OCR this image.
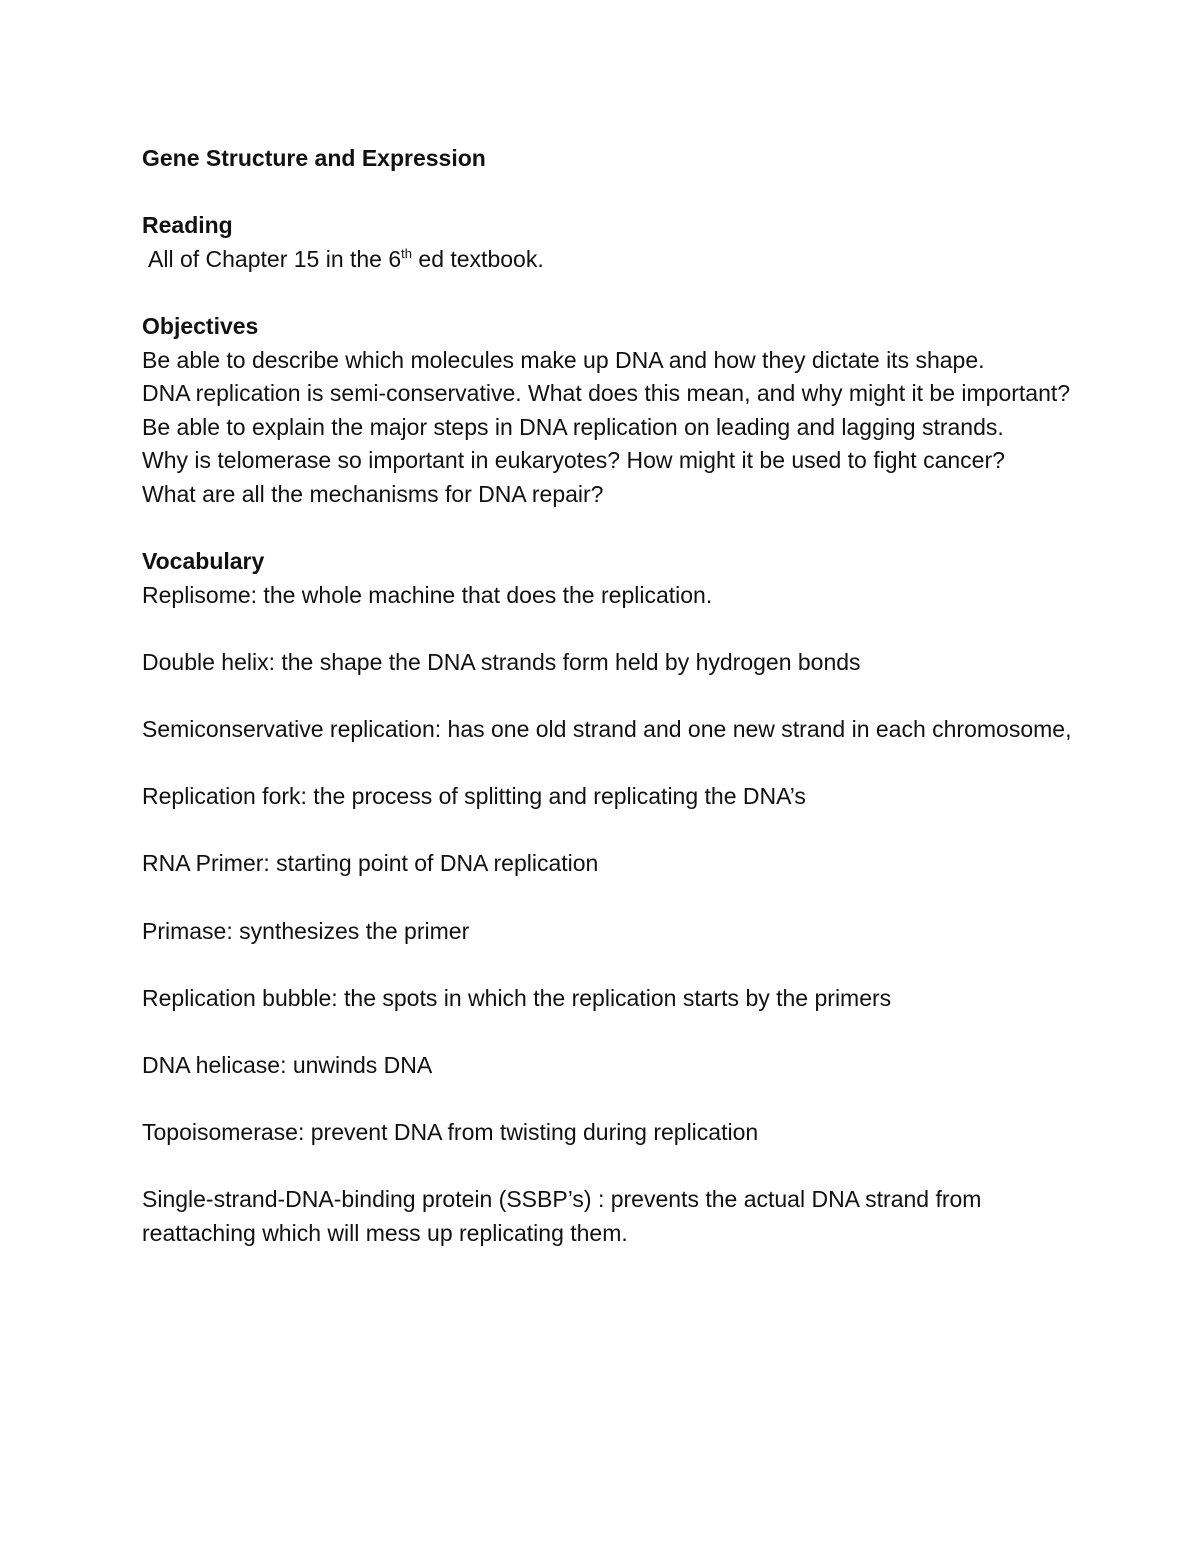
Gene Structure and Expression

Reading

All of Chapter 15 in the 6th ed textbook.

Objectives

Be able to describe which molecules make up DNA and how they dictate its shape.

DNA replication is semi-conservative. What does this mean, and why might it be important?

Be able to explain the major steps in DNA replication on leading and lagging strands.

Why is telomerase so important in eukaryotes? How might it be used to fight cancer?

What are all the mechanisms for DNA repair?

Vocabulary

Replisome: the whole machine that does the replication.

Double helix: the shape the DNA strands form held by hydrogen bonds

Semiconservative replication: has one old strand and one new strand in each chromosome,

Replication fork: the process of splitting and replicating the DNA’s

RNA Primer: starting point of DNA replication

Primase: synthesizes the primer

Replication bubble: the spots in which the replication starts by the primers

DNA helicase: unwinds DNA

Topoisomerase: prevent DNA from twisting during replication

Single-strand-DNA-binding protein (SSBP’s) : prevents the actual DNA strand from reattaching which will mess up replicating them.
